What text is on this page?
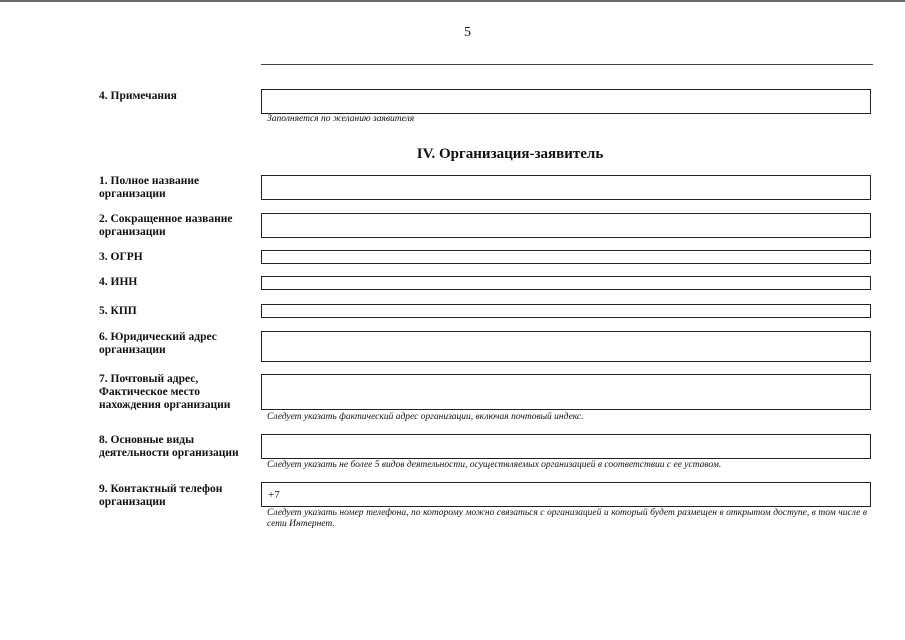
5
4. Примечания
Заполняется по желанию заявителя
IV. Организация-заявитель
1. Полное название организации
2. Сокращенное название организации
3. ОГРН
4. ИНН
5. КПП
6. Юридический адрес организации
7. Почтовый адрес, Фактическое место нахождения организации
Следует указать фактический адрес организации, включая почтовый индекс.
8. Основные виды деятельности организации
Следует указать не более 5 видов деятельности, осуществляемых организацией в соответствии с ее уставом.
9. Контактный телефон организации
+7
Следует указать номер телефона, по которому можно связаться с организацией и который будет размещен в открытом доступе, в том числе в сети Интернет.
